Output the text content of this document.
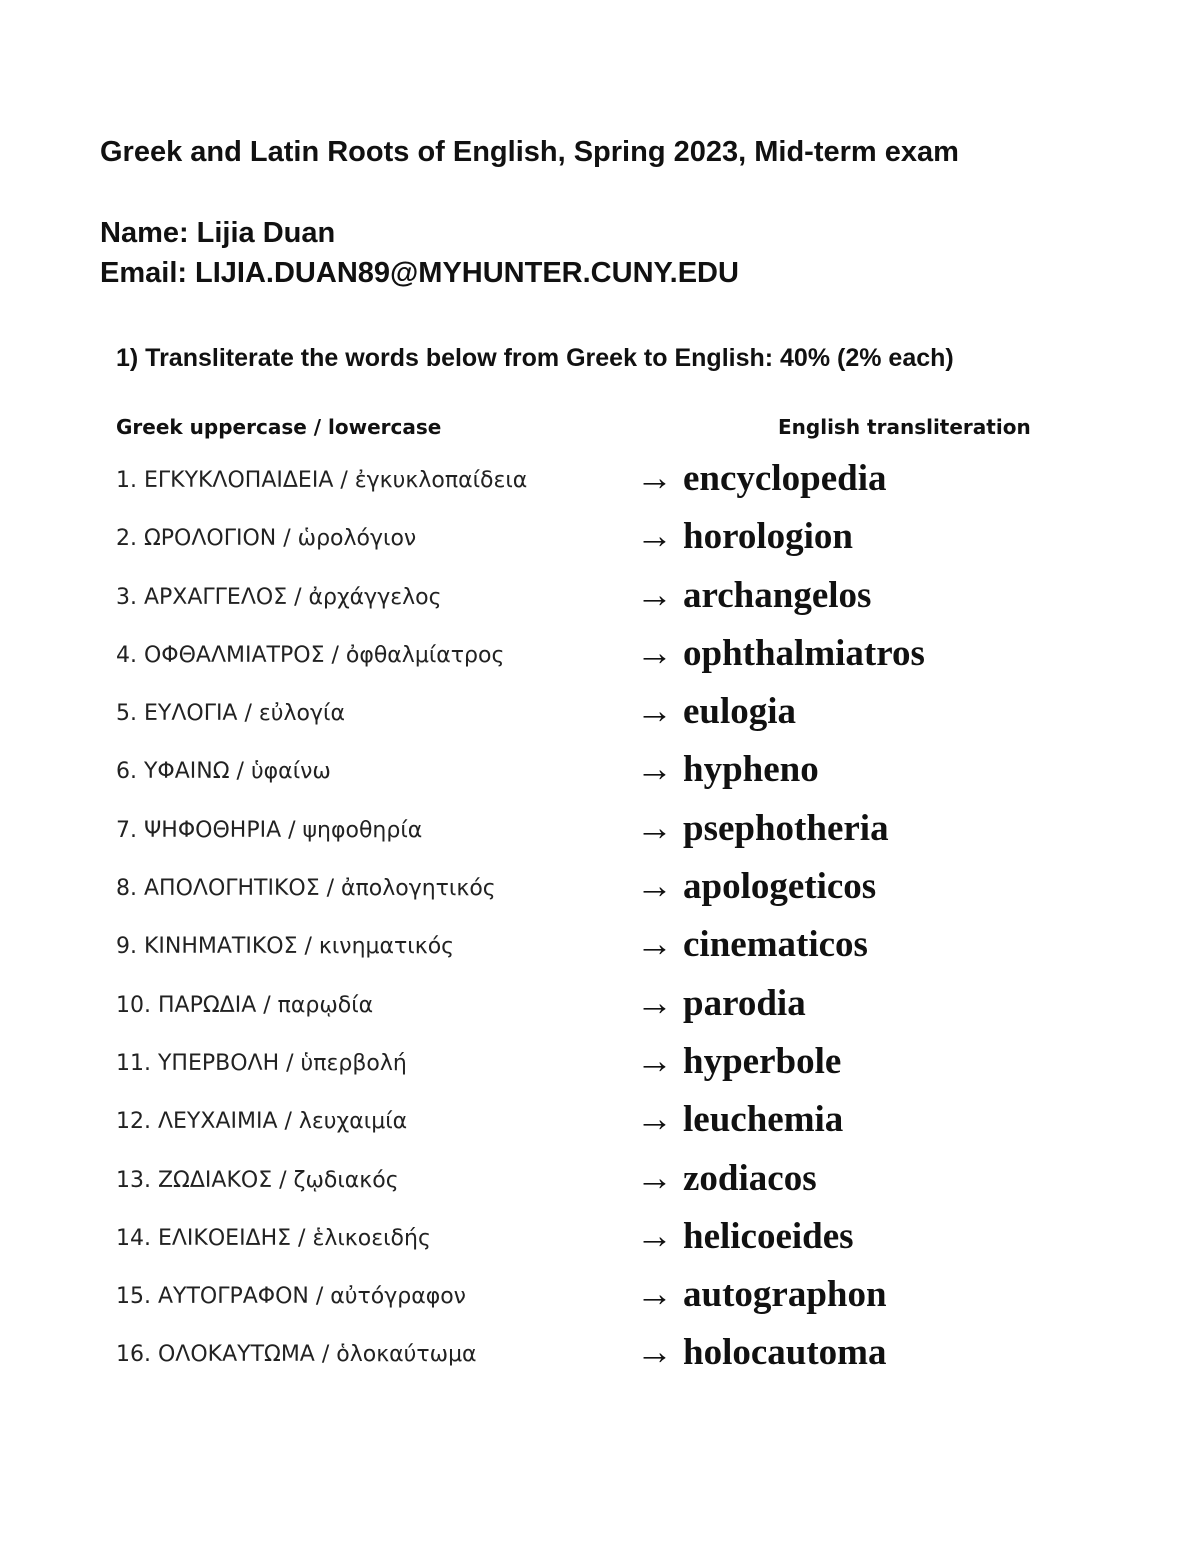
Greek and Latin Roots of English, Spring 2023, Mid-term exam
Name: Lijia Duan
Email: LIJIA.DUAN89@MYHUNTER.CUNY.EDU
1) Transliterate the words below from Greek to English: 40% (2% each)
Greek uppercase / lowercase	English transliteration
1. ΕΓΚΥΚΛΟΠΑΙΔΕΙΑ / ἐγκυκλοπαίδεια	→ encyclopedia
2. ΩΡΟΛΟΓΙΟΝ / ὡρολόγιον	→ horologion
3. ΑΡΧΑΓΓΕΛΟΣ / ἀρχάγγελος	→ archangelos
4. ΟΦΘΑΛΜΙΑΤΡΟΣ / ὀφθαλμίατρος	→ ophthalmiatros
5. ΕΥΛΟΓΙΑ / εὐλογία	→ eulogia
6. ΥΦΑΙΝΩ / ὑφαίνω	→ hypheno
7. ΨΗΦΟΘΗΡΙΑ / ψηφοθηρία	→ psephotheria
8. ΑΠΟΛΟΓΗΤΙΚΟΣ / ἀπολογητικός	→ apologeticos
9. ΚΙΝΗΜΑΤΙΚΟΣ / κινηματικός	→ cinematicos
10. ΠΑΡΩΔΙΑ / παρῳδία	→ parodia
11. ΥΠΕΡΒΟΛΗ / ὑπερβολή	→ hyperbole
12. ΛΕΥΧΑΙΜΙΑ / λευχαιμία	→ leuchemia
13. ΖΩΔΙΑΚΟΣ / ζῳδιακός	→ zodiacos
14. ΕΛΙΚΟΕΙΔΗΣ / ἑλικοειδής	→ helicoeides
15. ΑΥΤΟΓΡΑΦΟΝ / αὐτόγραφον	→ autographon
16. ΟΛΟΚΑΥΤΩΜΑ / ὁλοκαύτωμα	→ holocautoma
